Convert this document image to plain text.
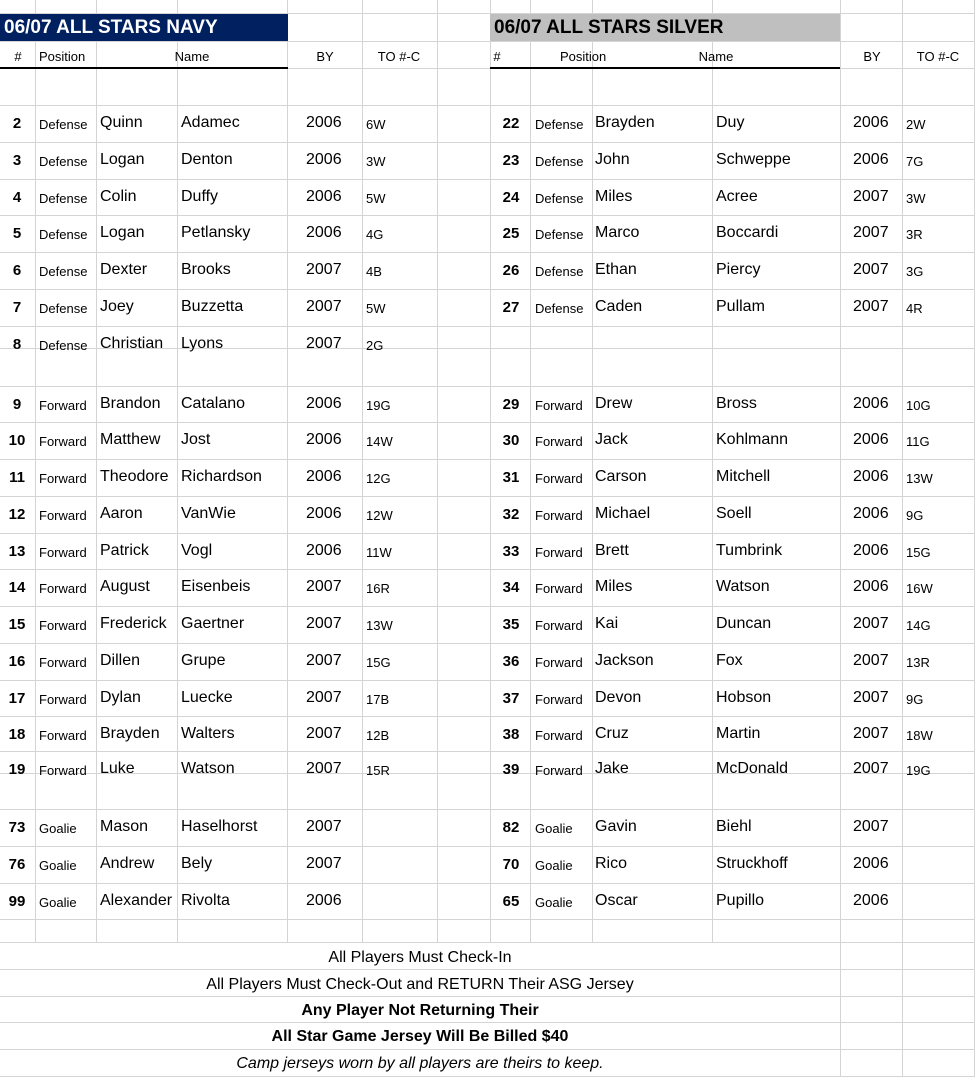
06/07 ALL STARS NAVY	06/07 ALL STARS SILVER
# Position	Name	BY	TO #-C
2 Defense Quinn Adamec	2006 6W
3 Defense Logan Denton	2006 3W
4 Defense Colin	Duffy	2006 5W
5 Defense Logan Petlansky	2006 4G
6 Defense Dexter Brooks	2007 4B
7 Defense Joey	Buzzetta	2007 5W
8 Defense Christian Lyons	2007 2G
9 Forward Brandon Catalano	2006 19G
10 Forward Matthew Jost	2006 14W
11 Forward Theodore Richardson	2006 12G
12 Forward Aaron VanWie	2006 12W
13 Forward Patrick Vogl	2006 11W
14 Forward August Eisenbeis	2007 16R
15 Forward Frederick Gaertner	2007 13W
16 Forward Dillen	Grupe	2007 15G
17 Forward Dylan	Luecke	2007 17B
18 Forward Brayden Walters	2007 12B
19 Forward Luke	Watson	2007 15R
73 Goalie Mason Haselhorst	2007
76 Goalie Andrew Bely	2007
99 Goalie Alexander Rivolta	2006
#	Position	Name	BY	TO #-C
22 Defense Brayden	Duy	2006 2W
23 Defense John	Schweppe	2006 7G
24 Defense Miles	Acree	2007 3W
25 Defense Marco	Boccardi	2007 3R
26 Defense Ethan	Piercy	2007 3G
27 Defense Caden	Pullam	2007 4R
29 Forward Drew	Bross	2006 10G
30 Forward Jack	Kohlmann	2006 11G
31 Forward Carson	Mitchell	2006 13W
32 Forward Michael	Soell	2006 9G
33 Forward Brett	Tumbrink	2006 15G
34 Forward Miles	Watson	2006 16W
35 Forward Kai	Duncan	2007 14G
36 Forward Jackson	Fox	2007 13R
37 Forward Devon	Hobson	2007 9G
38 Forward Cruz	Martin	2007 18W
39 Forward Jake	McDonald	2007 19G
82 Goalie Gavin	Biehl	2007
70 Goalie Rico	Struckhoff	2006
65 Goalie Oscar	Pupillo	2006
All Players Must Check-In
All Players Must Check-Out and RETURN Their ASG Jersey
Any Player Not Returning Their
All Star Game Jersey Will Be Billed $40
Camp jerseys worn by all players are theirs to keep.
